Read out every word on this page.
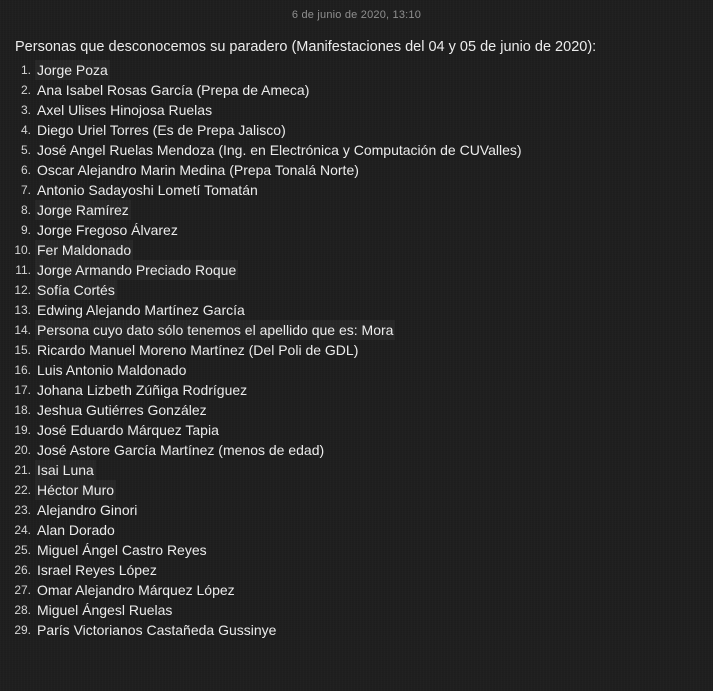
6 de junio de 2020, 13:10
Personas que desconocemos su paradero (Manifestaciones del 04 y 05 de junio de 2020):
1. Jorge Poza
2. Ana Isabel Rosas García (Prepa de Ameca)
3. Axel Ulises Hinojosa Ruelas
4. Diego Uriel Torres (Es de Prepa Jalisco)
5. José Angel Ruelas Mendoza (Ing. en Electrónica y Computación de CUValles)
6. Oscar Alejandro Marin Medina (Prepa Tonalá Norte)
7. Antonio Sadayoshi Lometí Tomatán
8. Jorge Ramírez
9. Jorge Fregoso Álvarez
10. Fer Maldonado
11. Jorge Armando Preciado Roque
12. Sofía Cortés
13. Edwing Alejando Martínez García
14. Persona cuyo dato sólo tenemos el apellido que es: Mora
15. Ricardo Manuel Moreno Martínez (Del Poli de GDL)
16. Luis Antonio Maldonado
17. Johana Lizbeth Zúñiga Rodríguez
18. Jeshua Gutiérres González
19. José Eduardo Márquez Tapia
20. José Astore García Martínez (menos de edad)
21. Isai Luna
22. Héctor Muro
23. Alejandro Ginori
24. Alan Dorado
25. Miguel Ángel Castro Reyes
26. Israel Reyes López
27. Omar Alejandro Márquez López
28. Miguel Ángesl Ruelas
29. París Victorianos Castañeda Gussinye
